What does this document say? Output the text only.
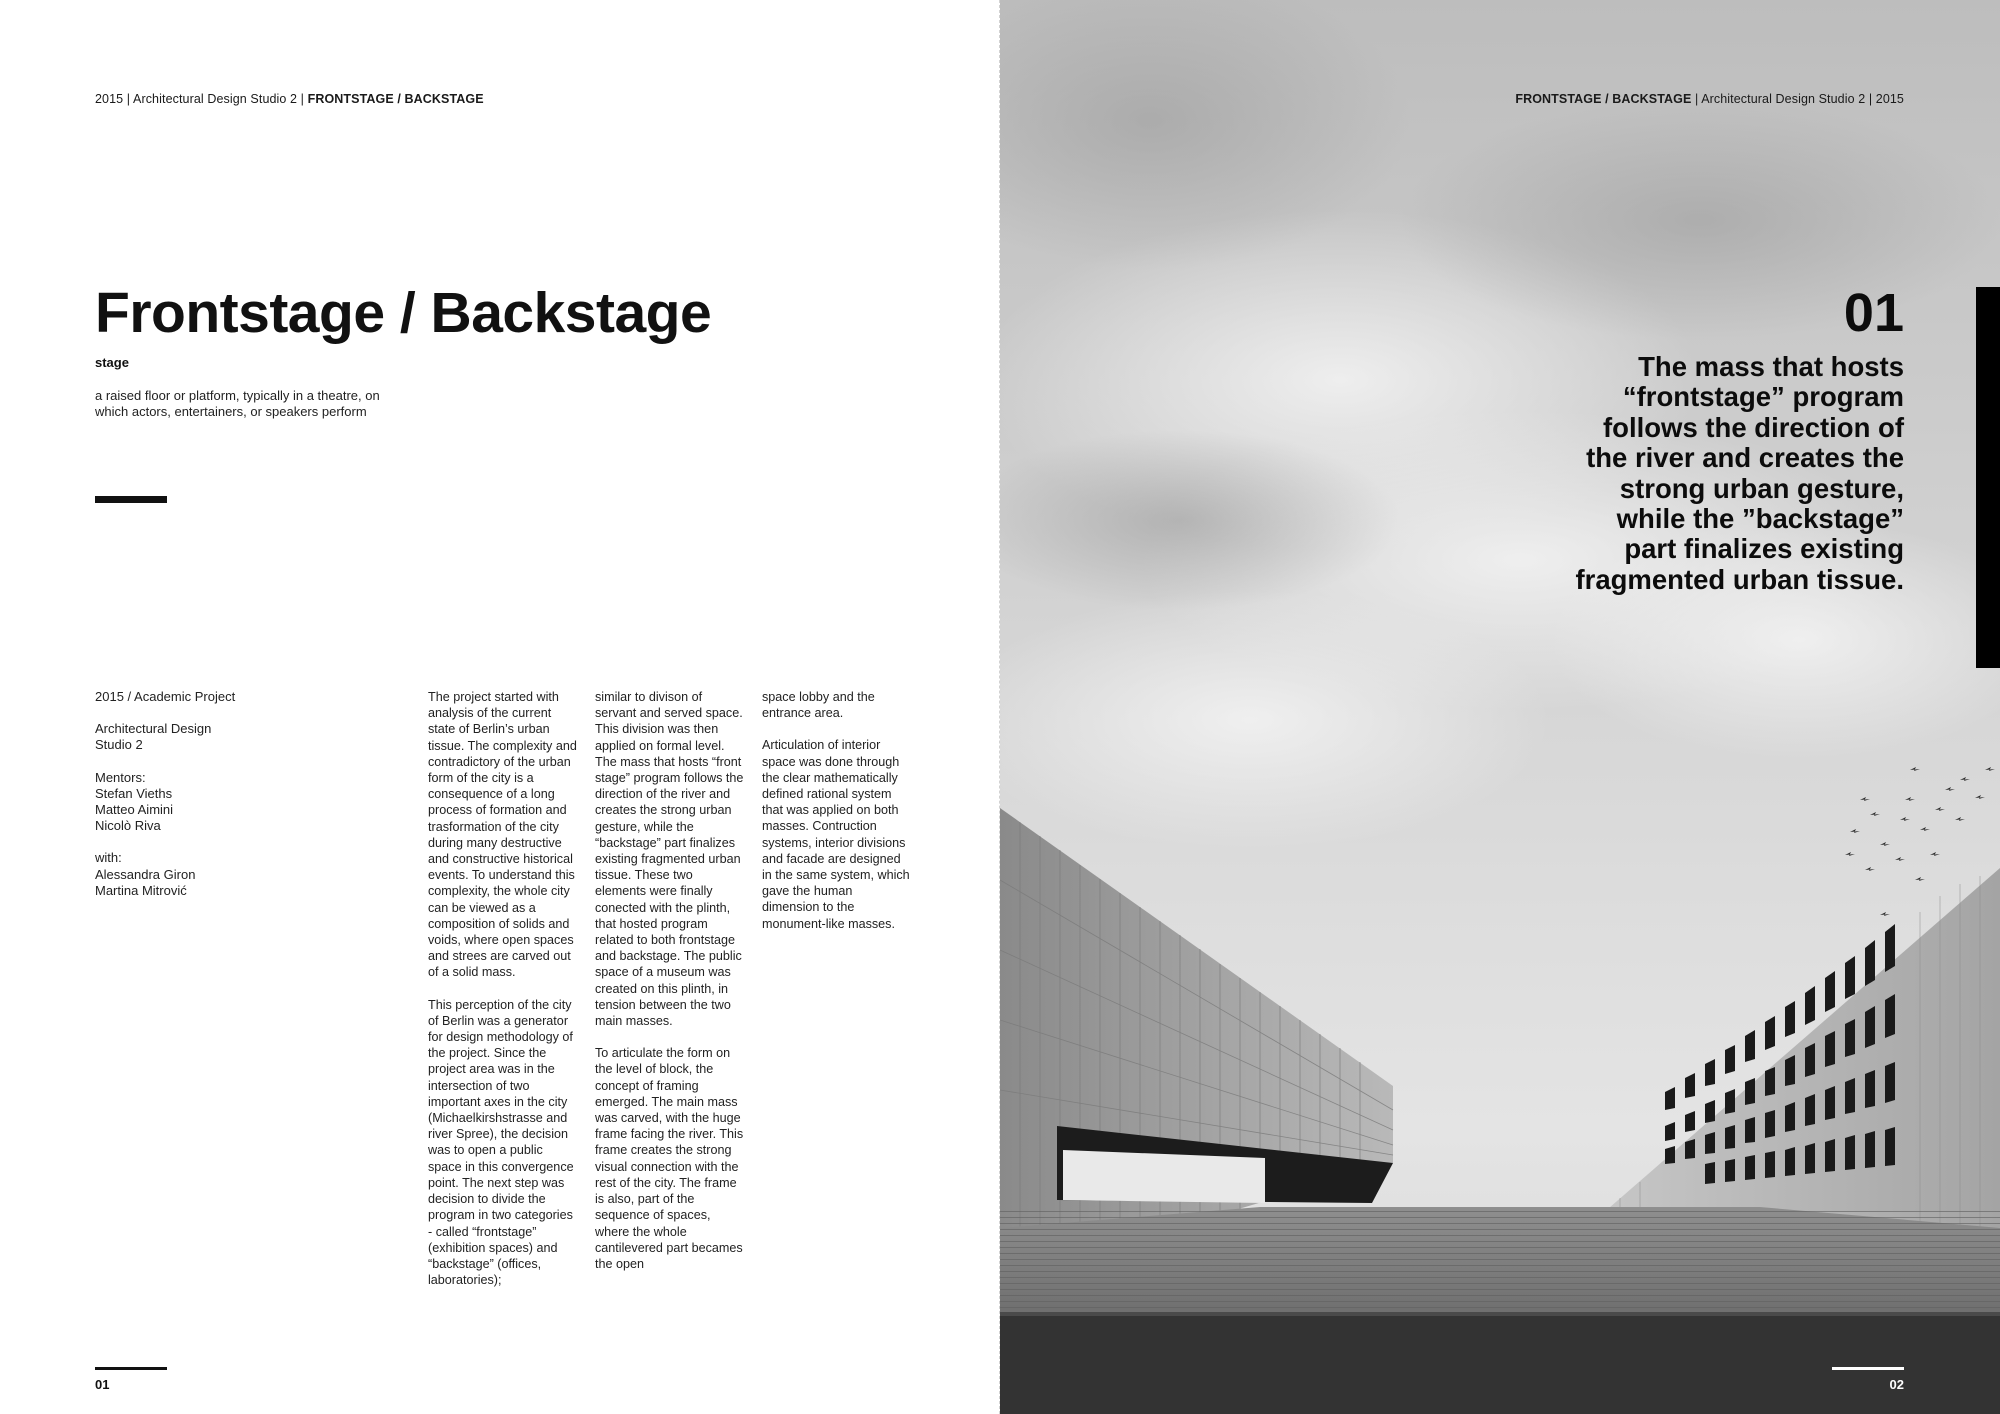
2015 | Architectural Design Studio 2 | FRONTSTAGE / BACKSTAGE
Frontstage / Backstage
stage
a raised floor or platform, typically in a theatre, on which actors, entertainers, or speakers perform

2015 / Academic Project

Architectural Design
Studio 2

Mentors:
Stefan Vieths
Matteo Aimini
Nicolò Riva

with:
Alessandra Giron
Martina Mitrović

The project started with analysis of the current state of Berlin’s urban tissue. The complexity and contradictory of the urban form of the city is a consequence of a long process of formation and trasformation of the city during many destructive and constructive historical events. To understand this complexity, the whole city can be viewed as a composition of solids and voids, where open spaces and strees are carved out of a solid mass.

This perception of the city of Berlin was a generator for design methodology of the project. Since the project area was in the intersection of two important axes in the city (Michaelkirshstrasse and river Spree), the decision was to open a public space in this convergence point. The next step was decision to divide the program in two categories - called “frontstage” (exhibition spaces) and “backstage” (offices, laboratories);

similar to divison of servant and served space. This division was then applied on formal level. The mass that hosts “front stage” program follows the direction of the river and creates the strong urban gesture, while the “backstage” part finalizes existing fragmented urban tissue. These two elements were finally conected with the plinth, that hosted program related to both frontstage and backstage. The public space of a museum was created on this plinth, in tension between the two main masses.

To articulate the form on the level of block, the concept of framing emerged. The main mass was carved, with the huge frame facing the river. This frame creates the strong visual connection with the rest of the city. The frame is also, part of the sequence of spaces, where the whole cantilevered part becames the open

space lobby and the entrance area.

Articulation of interior space was done through the clear mathematically defined rational system that was applied on both masses. Contruction systems, interior divisions and facade are designed in the same system, which gave the human dimension to the monument-like masses.

01
FRONTSTAGE / BACKSTAGE | Architectural Design Studio 2 | 2015
01

The mass that hosts “frontstage” program follows the direction of the river and creates the strong urban gesture, while the ”backstage” part finalizes existing fragmented urban tissue.

02
